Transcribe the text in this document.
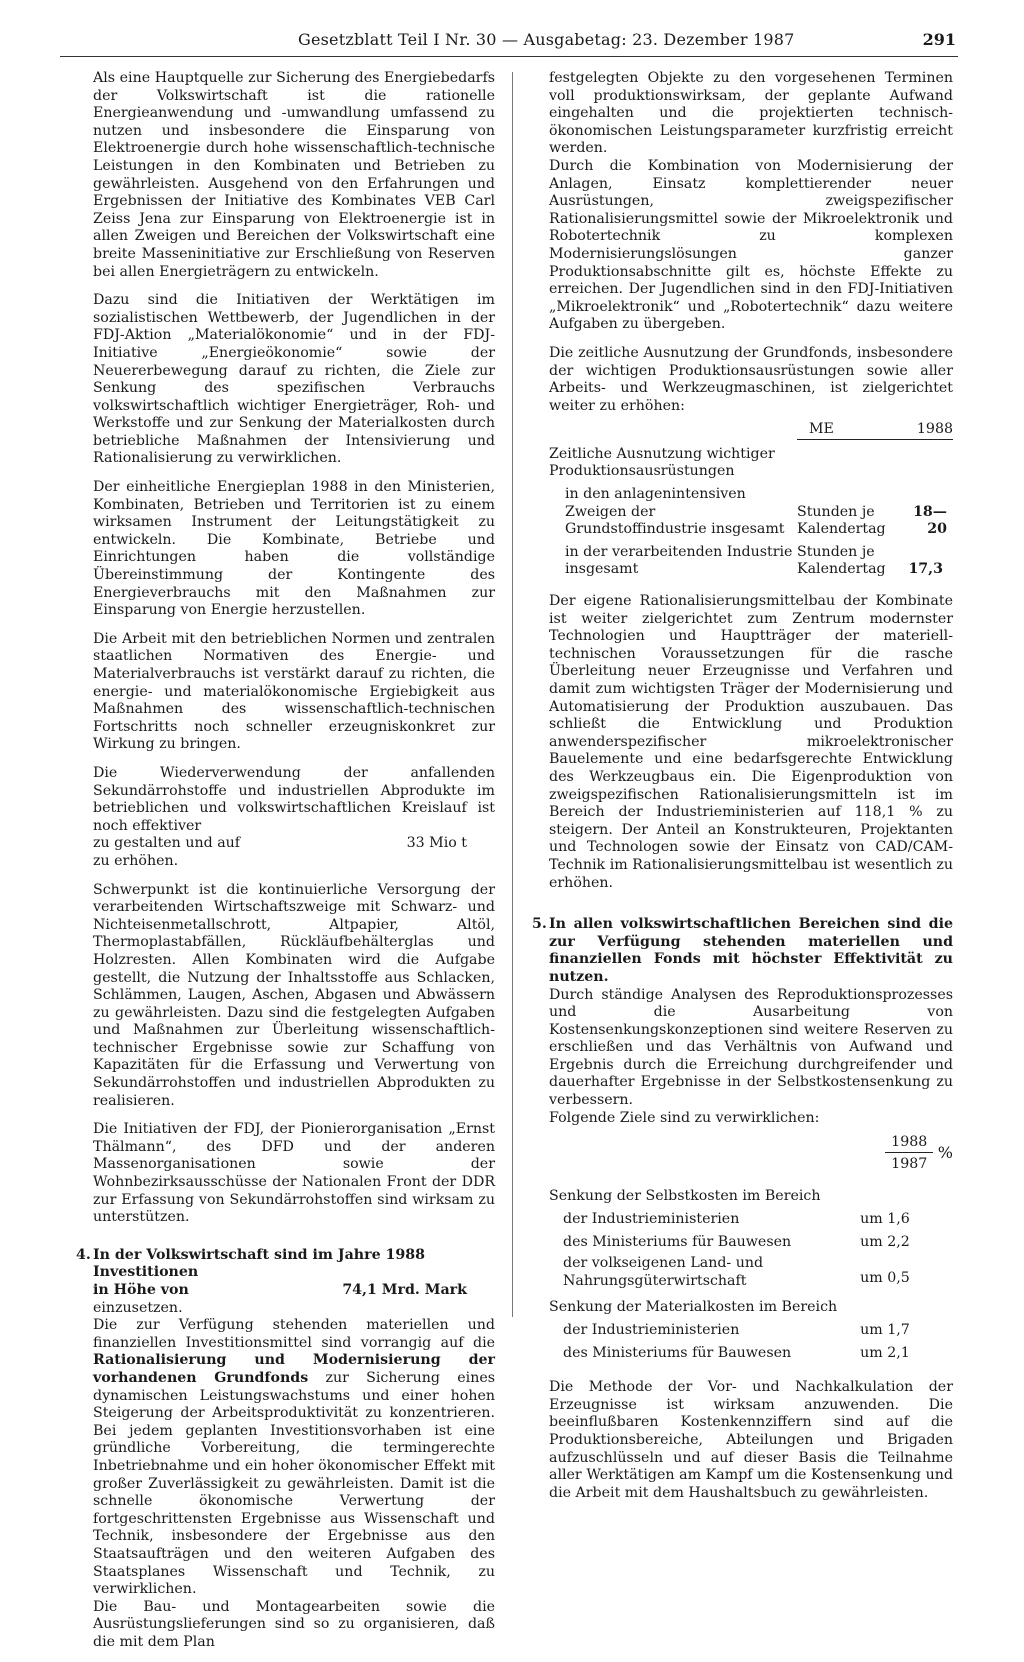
Gesetzblatt Teil I Nr. 30 — Ausgabetag: 23. Dezember 1987	291

Als eine Hauptquelle zur Sicherung des Energiebedarfs der Volkswirtschaft ist die rationelle Energieanwendung und -umwandlung umfassend zu nutzen und insbesondere die Einsparung von Elektroenergie durch hohe wissenschaftlich-technische Leistungen in den Kombinaten und Betrieben zu gewährleisten. Ausgehend von den Erfahrungen und Ergebnissen der Initiative des Kombinates VEB Carl Zeiss Jena zur Einsparung von Elektroenergie ist in allen Zweigen und Bereichen der Volkswirtschaft eine breite Masseninitiative zur Erschließung von Reserven bei allen Energieträgern zu entwickeln.

Dazu sind die Initiativen der Werktätigen im sozialistischen Wettbewerb, der Jugendlichen in der FDJ-Aktion „Materialökonomie“ und in der FDJ-Initiative „Energieökonomie“ sowie der Neuererbewegung darauf zu richten, die Ziele zur Senkung des spezifischen Verbrauchs volkswirtschaftlich wichtiger Energieträger, Roh- und Werkstoffe und zur Senkung der Materialkosten durch betriebliche Maßnahmen der Intensivierung und Rationalisierung zu verwirklichen.

Der einheitliche Energieplan 1988 in den Ministerien, Kombinaten, Betrieben und Territorien ist zu einem wirksamen Instrument der Leitungstätigkeit zu entwickeln. Die Kombinate, Betriebe und Einrichtungen haben die vollständige Übereinstimmung der Kontingente des Energieverbrauchs mit den Maßnahmen zur Einsparung von Energie herzustellen.

Die Arbeit mit den betrieblichen Normen und zentralen staatlichen Normativen des Energie- und Materialverbrauchs ist verstärkt darauf zu richten, die energie- und materialökonomische Ergiebigkeit aus Maßnahmen des wissenschaftlich-technischen Fortschritts noch schneller erzeugniskonkret zur Wirkung zu bringen.

Die Wiederverwendung der anfallenden Sekundärrohstoffe und industriellen Abprodukte im betrieblichen und volkswirtschaftlichen Kreislauf ist noch effektiver

zu gestalten und auf	33 Mio t
zu erhöhen.

Schwerpunkt ist die kontinuierliche Versorgung der verarbeitenden Wirtschaftszweige mit Schwarz- und Nichteisenmetallschrott, Altpapier, Altöl, Thermoplastabfällen, Rückläufbehälterglas und Holzresten. Allen Kombinaten wird die Aufgabe gestellt, die Nutzung der Inhaltsstoffe aus Schlacken, Schlämmen, Laugen, Aschen, Abgasen und Abwässern zu gewährleisten. Dazu sind die festgelegten Aufgaben und Maßnahmen zur Überleitung wissenschaftlich-technischer Ergebnisse sowie zur Schaffung von Kapazitäten für die Erfassung und Verwertung von Sekundärrohstoffen und industriellen Abprodukten zu realisieren.

Die Initiativen der FDJ, der Pionierorganisation „Ernst Thälmann“, des DFD und der anderen Massenorganisationen sowie der Wohnbezirksausschüsse der Nationalen Front der DDR zur Erfassung von Sekundärrohstoffen sind wirksam zu unterstützen.

4. In der Volkswirtschaft sind im Jahre 1988 Investitionen
in Höhe von	74,1 Mrd. Mark
einzusetzen.

Die zur Verfügung stehenden materiellen und finanziellen Investitionsmittel sind vorrangig auf die Rationalisierung und Modernisierung der vorhandenen Grundfonds zur Sicherung eines dynamischen Leistungswachstums und einer hohen Steigerung der Arbeitsproduktivität zu konzentrieren. Bei jedem geplanten Investitionsvorhaben ist eine gründliche Vorbereitung, die termingerechte Inbetriebnahme und ein hoher ökonomischer Effekt mit großer Zuverlässigkeit zu gewährleisten. Damit ist die schnelle ökonomische Verwertung der fortgeschrittensten Ergebnisse aus Wissenschaft und Technik, insbesondere der Ergebnisse aus den Staatsaufträgen und den weiteren Aufgaben des Staatsplanes Wissenschaft und Technik, zu verwirklichen.

Die Bau- und Montagearbeiten sowie die Ausrüstungslieferungen sind so zu organisieren, daß die mit dem Plan

festgelegten Objekte zu den vorgesehenen Terminen voll produktionswirksam, der geplante Aufwand eingehalten und die projektierten technisch-ökonomischen Leistungsparameter kurzfristig erreicht werden.

Durch die Kombination von Modernisierung der Anlagen, Einsatz komplettierender neuer Ausrüstungen, zweigspezifischer Rationalisierungsmittel sowie der Mikroelektronik und Robotertechnik zu komplexen Modernisierungslösungen ganzer Produktionsabschnitte gilt es, höchste Effekte zu erreichen. Der Jugendlichen sind in den FDJ-Initiativen „Mikroelektronik“ und „Robotertechnik“ dazu weitere Aufgaben zu übergeben.

Die zeitliche Ausnutzung der Grundfonds, insbesondere der wichtigen Produktionsausrüstungen sowie aller Arbeits- und Werkzeugmaschinen, ist zielgerichtet weiter zu erhöhen:

	ME	1988
Zeitliche Ausnutzung wichtiger Produktionsausrüstungen		
in den anlagenintensiven Zweigen der Grundstoffindustrie insgesamt	Stunden je Kalendertag	18—20
in der verarbeitenden Industrie insgesamt	Stunden je Kalendertag	17,3

Der eigene Rationalisierungsmittelbau der Kombinate ist weiter zielgerichtet zum Zentrum modernster Technologien und Hauptträger der materiell-technischen Voraussetzungen für die rasche Überleitung neuer Erzeugnisse und Verfahren und damit zum wichtigsten Träger der Modernisierung und Automatisierung der Produktion auszubauen. Das schließt die Entwicklung und Produktion anwenderspezifischer mikroelektronischer Bauelemente und eine bedarfsgerechte Entwicklung des Werkzeugbaus ein. Die Eigenproduktion von zweigspezifischen Rationalisierungsmitteln ist im Bereich der Industrieministerien auf 118,1 % zu steigern. Der Anteil an Konstrukteuren, Projektanten und Technologen sowie der Einsatz von CAD/CAM-Technik im Rationalisierungsmittelbau ist wesentlich zu erhöhen.

5. In allen volkswirtschaftlichen Bereichen sind die zur Verfügung stehenden materiellen und finanziellen Fonds mit höchster Effektivität zu nutzen.

Durch ständige Analysen des Reproduktionsprozesses und die Ausarbeitung von Kostensenkungskonzeptionen sind weitere Reserven zu erschließen und das Verhältnis von Aufwand und Ergebnis durch die Erreichung durchgreifender und dauerhafter Ergebnisse in der Selbstkostensenkung zu verbessern.

Folgende Ziele sind zu verwirklichen:

	$\frac{1988}{1987}$ %
Senkung der Selbstkosten im Bereich	
der Industrieministerien	um 1,6
des Ministeriums für Bauwesen	um 2,2
der volkseigenen Land- und Nahrungsgüterwirtschaft	um 0,5
Senkung der Materialkosten im Bereich	
der Industrieministerien	um 1,7
des Ministeriums für Bauwesen	um 2,1

Die Methode der Vor- und Nachkalkulation der Erzeugnisse ist wirksam anzuwenden. Die beeinflußbaren Kostenkennziffern sind auf die Produktionsbereiche, Abteilungen und Brigaden aufzuschlüsseln und auf dieser Basis die Teilnahme aller Werktätigen am Kampf um die Kostensenkung und die Arbeit mit dem Haushaltsbuch zu gewährleisten.
